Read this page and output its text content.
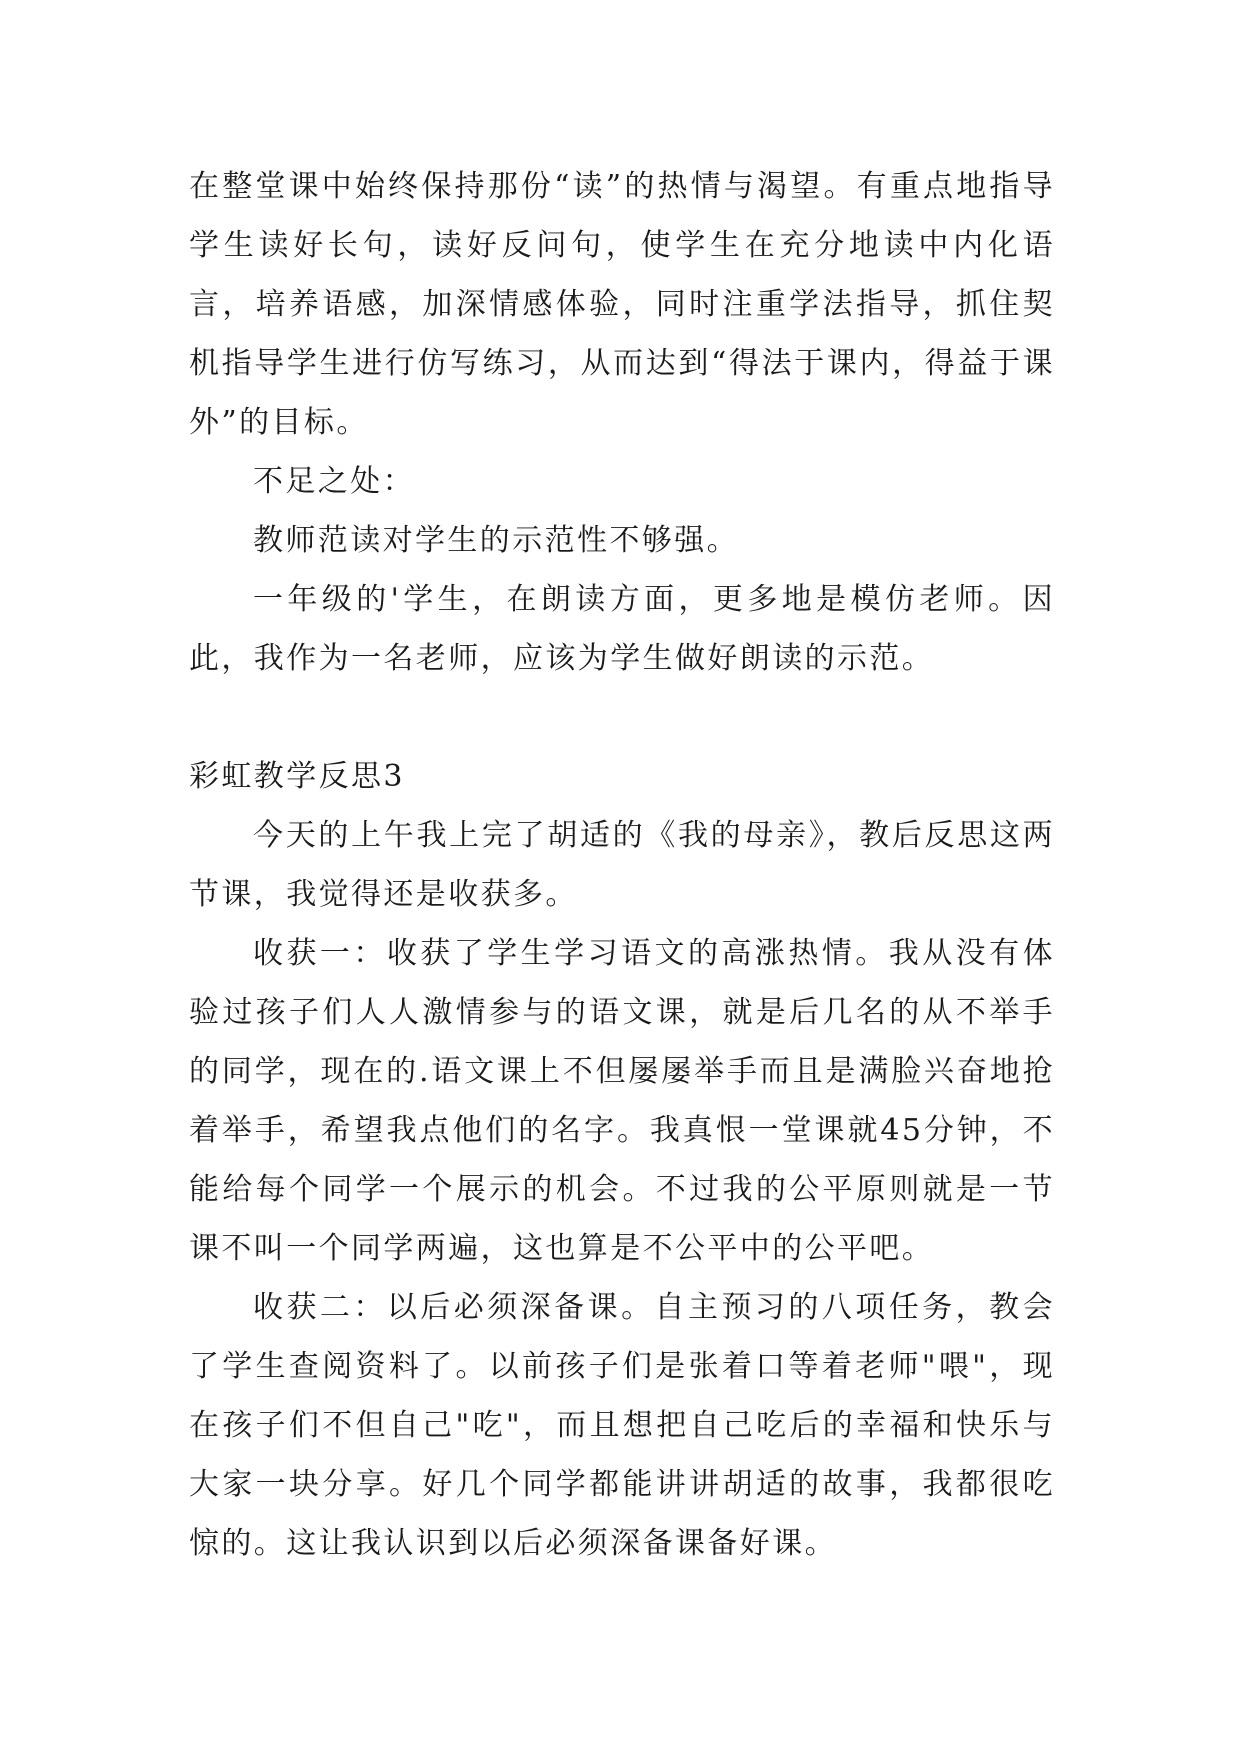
在整堂课中始终保持那份“读”的热情与渴望。有重点地指导学生读好长句，读好反问句，使学生在充分地读中内化语言，培养语感，加深情感体验，同时注重学法指导，抓住契机指导学生进行仿写练习，从而达到“得法于课内，得益于课外”的目标。

不足之处：

教师范读对学生的示范性不够强。

一年级的'学生，在朗读方面，更多地是模仿老师。因此，我作为一名老师，应该为学生做好朗读的示范。

彩虹教学反思3

今天的上午我上完了胡适的《我的母亲》，教后反思这两节课，我觉得还是收获多。

收获一：收获了学生学习语文的高涨热情。我从没有体验过孩子们人人激情参与的语文课，就是后几名的从不举手的同学，现在的.语文课上不但屡屡举手而且是满脸兴奋地抢着举手，希望我点他们的名字。我真恨一堂课就45分钟，不能给每个同学一个展示的机会。不过我的公平原则就是一节课不叫一个同学两遍，这也算是不公平中的公平吧。

收获二：以后必须深备课。自主预习的八项任务，教会了学生查阅资料了。以前孩子们是张着口等着老师"喂"，现在孩子们不但自己"吃"，而且想把自己吃后的幸福和快乐与大家一块分享。好几个同学都能讲讲胡适的故事，我都很吃惊的。这让我认识到以后必须深备课备好课。
